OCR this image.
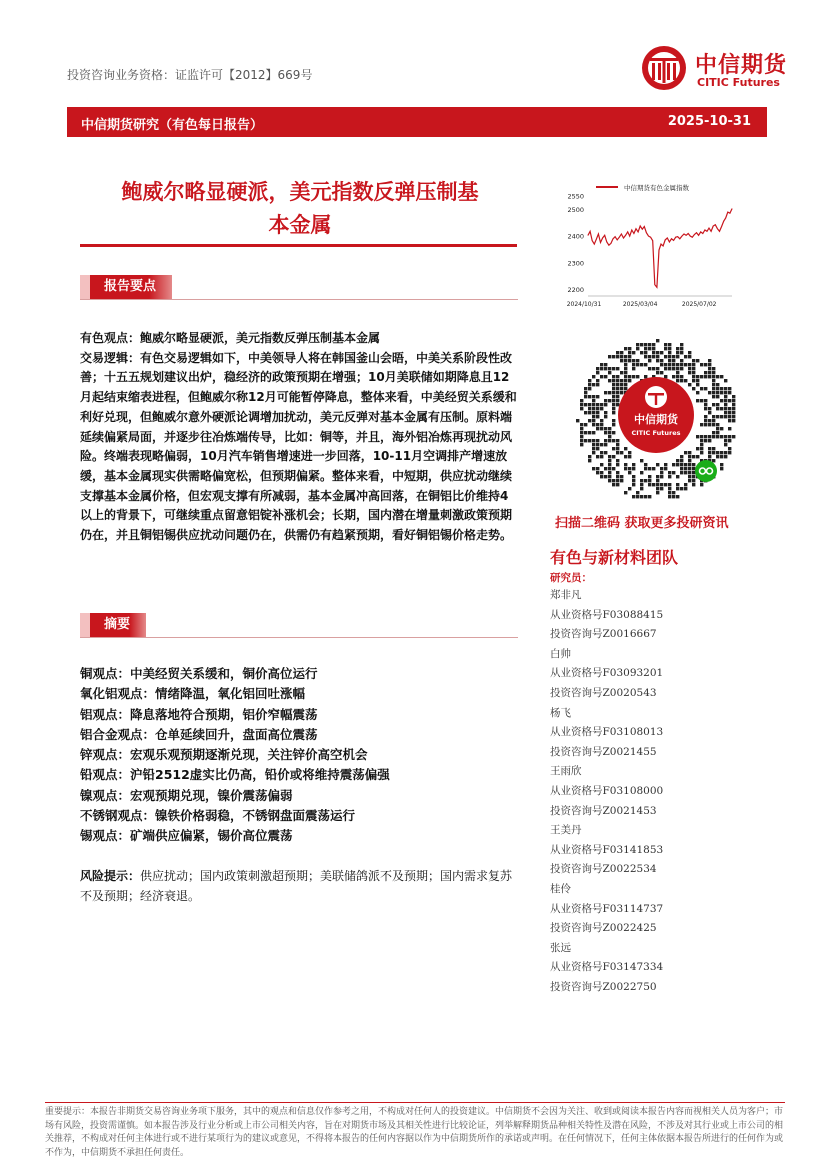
投资咨询业务资格：证监许可【2012】669号	中信期货
CITIC Futures
中信期货研究（有色每日报告）	2025-10-31
鲍威尔略显硬派，美元指数反弹压制基
本金属
报告要点
有色观点：鲍威尔略显硬派，美元指数反弹压制基本金属
交易逻辑：有色交易逻辑如下，中美领导人将在韩国釜山会晤，中美关系阶段性改善；十五五规划建议出炉，稳经济的政策预期在增强；10月美联储如期降息且12月起结束缩表进程，但鲍威尔称12月可能暂停降息，整体来看，中美经贸关系缓和利好兑现，但鲍威尔意外硬派论调增加扰动，美元反弹对基本金属有压制。原料端延续偏紧局面，并逐步往冶炼端传导，比如：铜等，并且，海外铝冶炼再现扰动风险。终端表现略偏弱，10月汽车销售增速进一步回落，10-11月空调排产增速放缓，基本金属现实供需略偏宽松，但预期偏紧。整体来看，中短期，供应扰动继续支撑基本金属价格，但宏观支撑有所减弱，基本金属冲高回落，在铜铝比价维持4以上的背景下，可继续重点留意铝锭补涨机会；长期，国内潜在增量刺激政策预期仍在，并且铜铝锡供应扰动问题仍在，供需仍有趋紧预期，看好铜铝锡价格走势。
摘要
铜观点：中美经贸关系缓和，铜价高位运行
氧化铝观点：情绪降温，氧化铝回吐涨幅
铝观点：降息落地符合预期，铝价窄幅震荡
铝合金观点：仓单延续回升，盘面高位震荡
锌观点：宏观乐观预期逐渐兑现，关注锌价高空机会
铅观点：沪铅2512虚实比仍高，铅价或将维持震荡偏强
镍观点：宏观预期兑现，镍价震荡偏弱
不锈钢观点：镍铁价格弱稳，不锈钢盘面震荡运行
锡观点：矿端供应偏紧，锡价高位震荡
风险提示：供应扰动；国内政策刺激超预期；美联储鸽派不及预期；国内需求复苏不及预期；经济衰退。
中信期货有色金属指数
2200
2300
2400
2500
2550
2024/10/31	2025/03/04	2025/07/02
中信期货
CITIC Futures
扫描二维码 获取更多投研资讯
有色与新材料团队
研究员：
郑非凡
从业资格号F03088415
投资咨询号Z0016667
白帅
从业资格号F03093201
投资咨询号Z0020543
杨飞
从业资格号F03108013
投资咨询号Z0021455
王雨欣
从业资格号F03108000
投资咨询号Z0021453
王美丹
从业资格号F03141853
投资咨询号Z0022534
桂伶
从业资格号F03114737
投资咨询号Z0022425
张远
从业资格号F03147334
投资咨询号Z0022750
重要提示：本报告非期货交易咨询业务项下服务，其中的观点和信息仅作参考之用，不构成对任何人的投资建议。中信期货不会因为关注、收到或阅读本报告内容而视相关人员为客户；市场有风险，投资需谨慎。如本报告涉及行业分析或上市公司相关内容，旨在对期货市场及其相关性进行比较论证，列举解释期货品种相关特性及潜在风险，不涉及对其行业或上市公司的相关推荐，不构成对任何主体进行或不进行某项行为的建议或意见，不得将本报告的任何内容据以作为中信期货所作的承诺或声明。在任何情况下，任何主体依据本报告所进行的任何作为或不作为，中信期货不承担任何责任。
